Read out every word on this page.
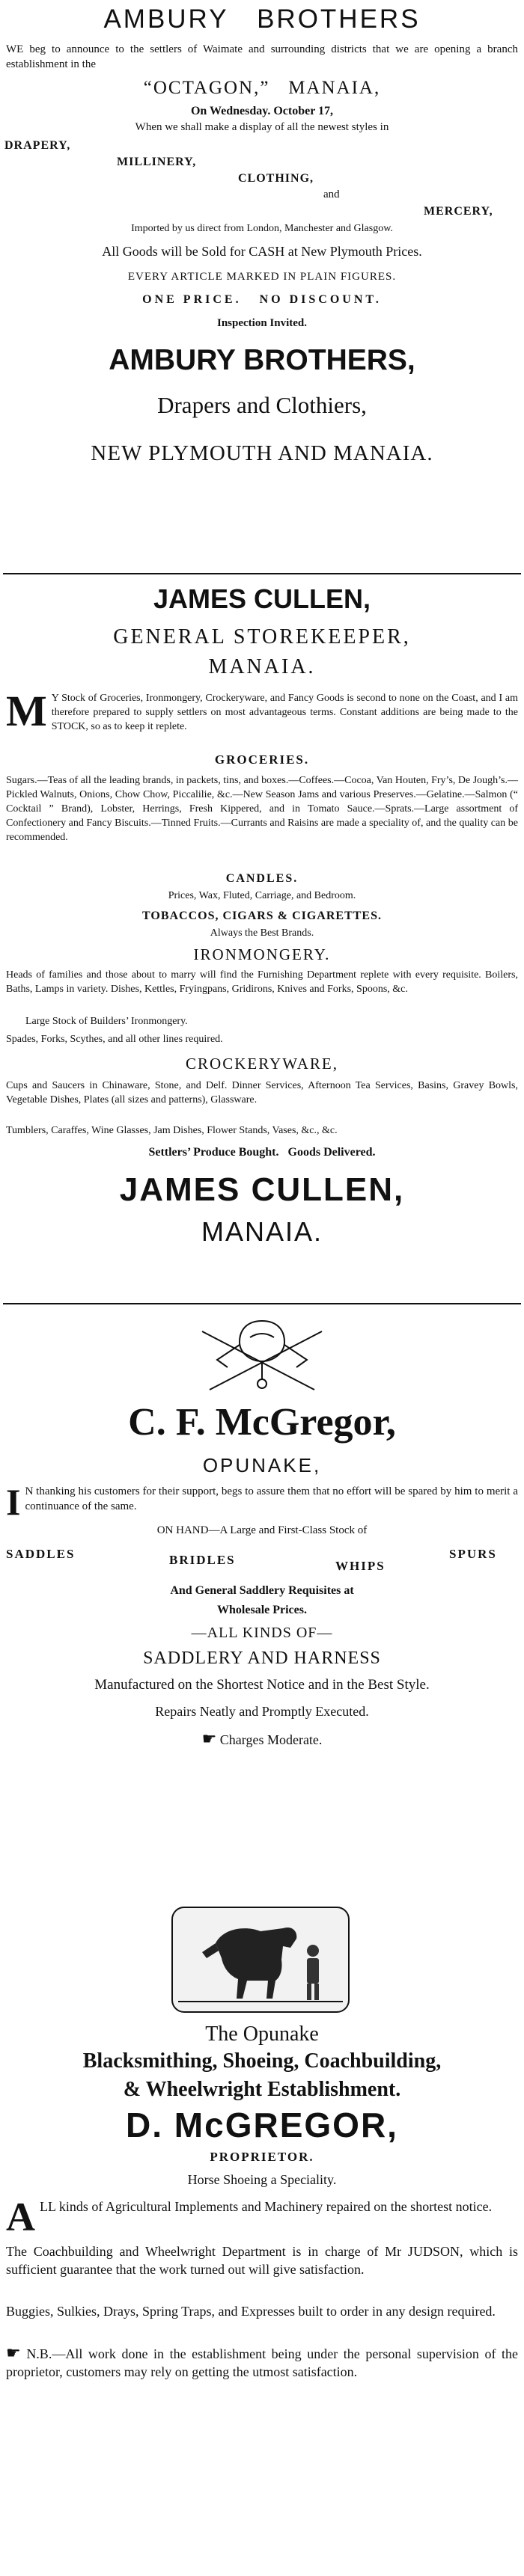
AMBURY   BROTHERS

WE beg to announce to the settlers of Waimate and surrounding districts that we are opening a branch establishment in the

“OCTAGON,”   MANAIA,
On Wednesday. October 17,
When we shall make a display of all the newest styles in
DRAPERY,
MILLINERY,
CLOTHING,
and
MERCERY,
Imported by us direct from London, Manchester and Glasgow.
All Goods will be Sold for CASH at New Plymouth Prices.
EVERY ARTICLE MARKED IN PLAIN FIGURES.
ONE PRICE.   NO DISCOUNT.
Inspection Invited.
AMBURY BROTHERS,
Drapers and Clothiers,
NEW PLYMOUTH AND MANAIA.
JAMES CULLEN,
GENERAL STOREKEEPER,
MANAIA.
M Y Stock of Groceries, Ironmongery, Crockeryware, and Fancy Goods is second to none on the Coast, and I am therefore prepared to supply settlers on most advantageous terms. Constant additions are being made to the STOCK, so as to keep it replete.

GROCERIES.

Sugars.—Teas of all the leading brands, in packets, tins, and boxes.—Coffees.—Cocoa, Van Houten, Fry’s, De Jough’s.—Pickled Walnuts, Onions, Chow Chow, Piccalilie, &c.—New Season Jams and various Preserves.—Gelatine.—Salmon (“ Cocktail ” Brand), Lobster, Herrings, Fresh Kippered, and in Tomato Sauce.—Sprats.—Large assortment of Confectionery and Fancy Biscuits.—Tinned Fruits.—Currants and Raisins are made a speciality of, and the quality can be recommended.

CANDLES.
Prices, Wax, Fluted, Carriage, and Bedroom.
TOBACCOS, CIGARS & CIGARETTES.
Always the Best Brands.
IRONMONGERY.

Heads of families and those about to marry will find the Furnishing Department replete with every requisite. Boilers, Baths, Lamps in variety. Dishes, Kettles, Fryingpans, Gridirons, Knives and Forks, Spoons, &c.

Large Stock of Builders’ Ironmongery.
Spades, Forks, Scythes, and all other lines required.
CROCKERYWARE,

Cups and Saucers in Chinaware, Stone, and Delf. Dinner Services, Afternoon Tea Services, Basins, Gravey Bowls, Vegetable Dishes, Plates (all sizes and patterns), Glassware.

Tumblers, Caraffes, Wine Glasses, Jam Dishes, Flower Stands, Vases, &c., &c.
Settlers’ Produce Bought.   Goods Delivered.
JAMES CULLEN,
MANAIA.
C. F. McGregor,
OPUNAKE,
I N thanking his customers for their support, begs to assure them that no effort will be spared by him to merit a continuance of the same.

ON HAND—A Large and First-Class Stock of
SADDLES	BRIDLES	WHIPS
SPURS
And General Saddlery Requisites at
Wholesale Prices.
—ALL KINDS OF—
SADDLERY AND HARNESS
Manufactured on the Shortest Notice and in the Best Style.
Repairs Neatly and Promptly Executed.
☛ Charges Moderate.
The Opunake
Blacksmithing, Shoeing, Coachbuilding,
& Wheelwright Establishment.
D. McGREGOR,
PROPRIETOR.
Horse Shoeing a Speciality.
A LL kinds of Agricultural Implements and Machinery repaired on the shortest notice.

The Coachbuilding and Wheelwright Department is in charge of Mr JUDSON, which is sufficient guarantee that the work turned out will give satisfaction.

Buggies, Sulkies, Drays, Spring Traps, and Expresses built to order in any design required.

☛ N.B.—All work done in the establishment being under the personal supervision of the proprietor, customers may rely on getting the utmost satisfaction.
